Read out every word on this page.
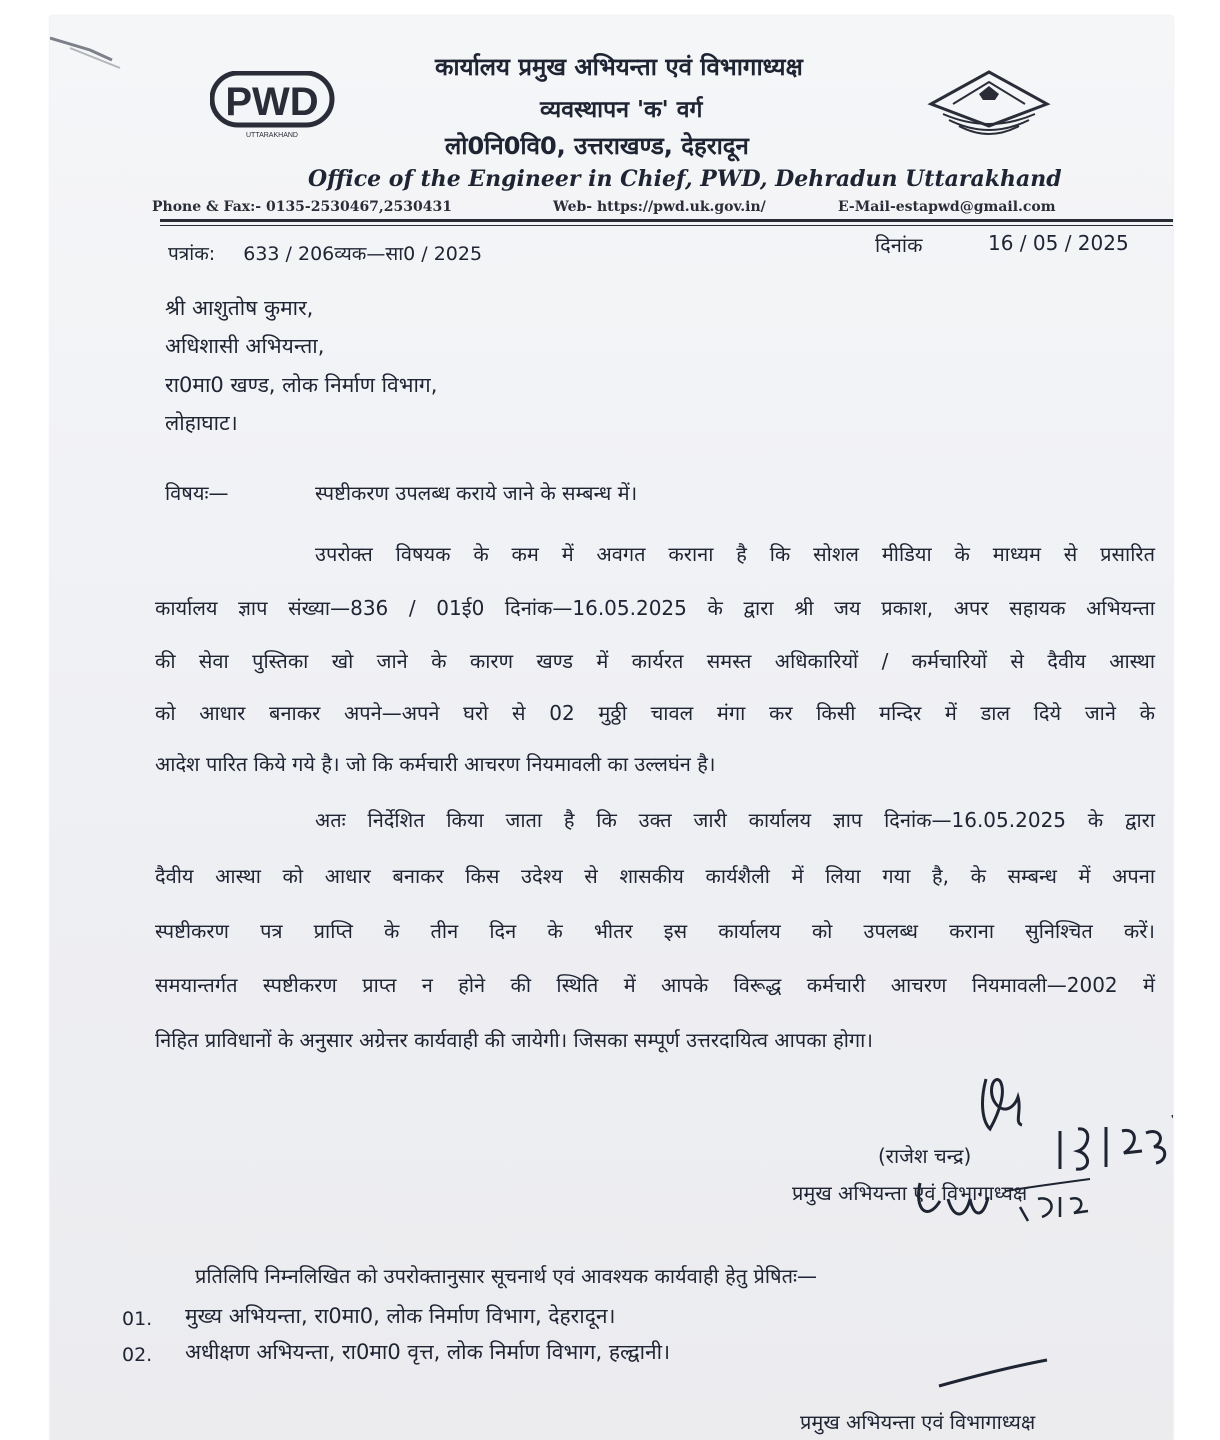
PWD
UTTARAKHAND
कार्यालय प्रमुख अभियन्ता एवं विभागाध्यक्ष
व्यवस्थापन 'क' वर्ग
लो0नि0वि0, उत्तराखण्ड, देहरादून
Office of the Engineer in Chief, PWD, Dehradun Uttarakhand
Phone & Fax:- 0135-2530467,2530431	Web- https://pwd.uk.gov.in/	E-Mail-estapwd@gmail.com
पत्रांक: 633 / 206व्यक—सा0 / 2025	दिनांक	16 / 05 / 2025
श्री आशुतोष कुमार,
अधिशासी अभियन्ता,
रा0मा0 खण्ड, लोक निर्माण विभाग,
लोहाघाट।
विषयः—	स्पष्टीकरण उपलब्ध कराये जाने के सम्बन्ध में।
उपरोक्त विषयक के कम में अवगत कराना है कि सोशल मीडिया के माध्यम से प्रसारित
कार्यालय ज्ञाप संख्या—836 / 01ई0 दिनांक—16.05.2025 के द्वारा श्री जय प्रकाश, अपर सहायक अभियन्ता
की सेवा पुस्तिका खो जाने के कारण खण्ड में कार्यरत समस्त अधिकारियों / कर्मचारियों से दैवीय आस्था
को आधार बनाकर अपने—अपने घरो से 02 मुठ्ठी चावल मंगा कर किसी मन्दिर में डाल दिये जाने के
आदेश पारित किये गये है। जो कि कर्मचारी आचरण नियमावली का उल्लघंन है।
अतः निर्देशित किया जाता है कि उक्त जारी कार्यालय ज्ञाप दिनांक—16.05.2025 के द्वारा
दैवीय आस्था को आधार बनाकर किस उदेश्य से शासकीय कार्यशैली में लिया गया है, के सम्बन्ध में अपना
स्पष्टीकरण पत्र प्राप्ति के तीन दिन के भीतर इस कार्यालय को उपलब्ध कराना सुनिश्चित करें।
समयान्तर्गत स्पष्टीकरण प्राप्त न होने की स्थिति में आपके विरूद्ध कर्मचारी आचरण नियमावली—2002 में
निहित प्राविधानों के अनुसार अग्रेत्तर कार्यवाही की जायेगी। जिसका सम्पूर्ण उत्तरदायित्व आपका होगा।
(राजेश चन्द्र)
प्रमुख अभियन्ता एवं विभागाध्यक्ष
प्रतिलिपि निम्नलिखित को उपरोक्तानुसार सूचनार्थ एवं आवश्यक कार्यवाही हेतु प्रेषितः—
01. मुख्य अभियन्ता, रा0मा0, लोक निर्माण विभाग, देहरादून।
02. अधीक्षण अभियन्ता, रा0मा0 वृत्त, लोक निर्माण विभाग, हल्द्वानी।
प्रमुख अभियन्ता एवं विभागाध्यक्ष
